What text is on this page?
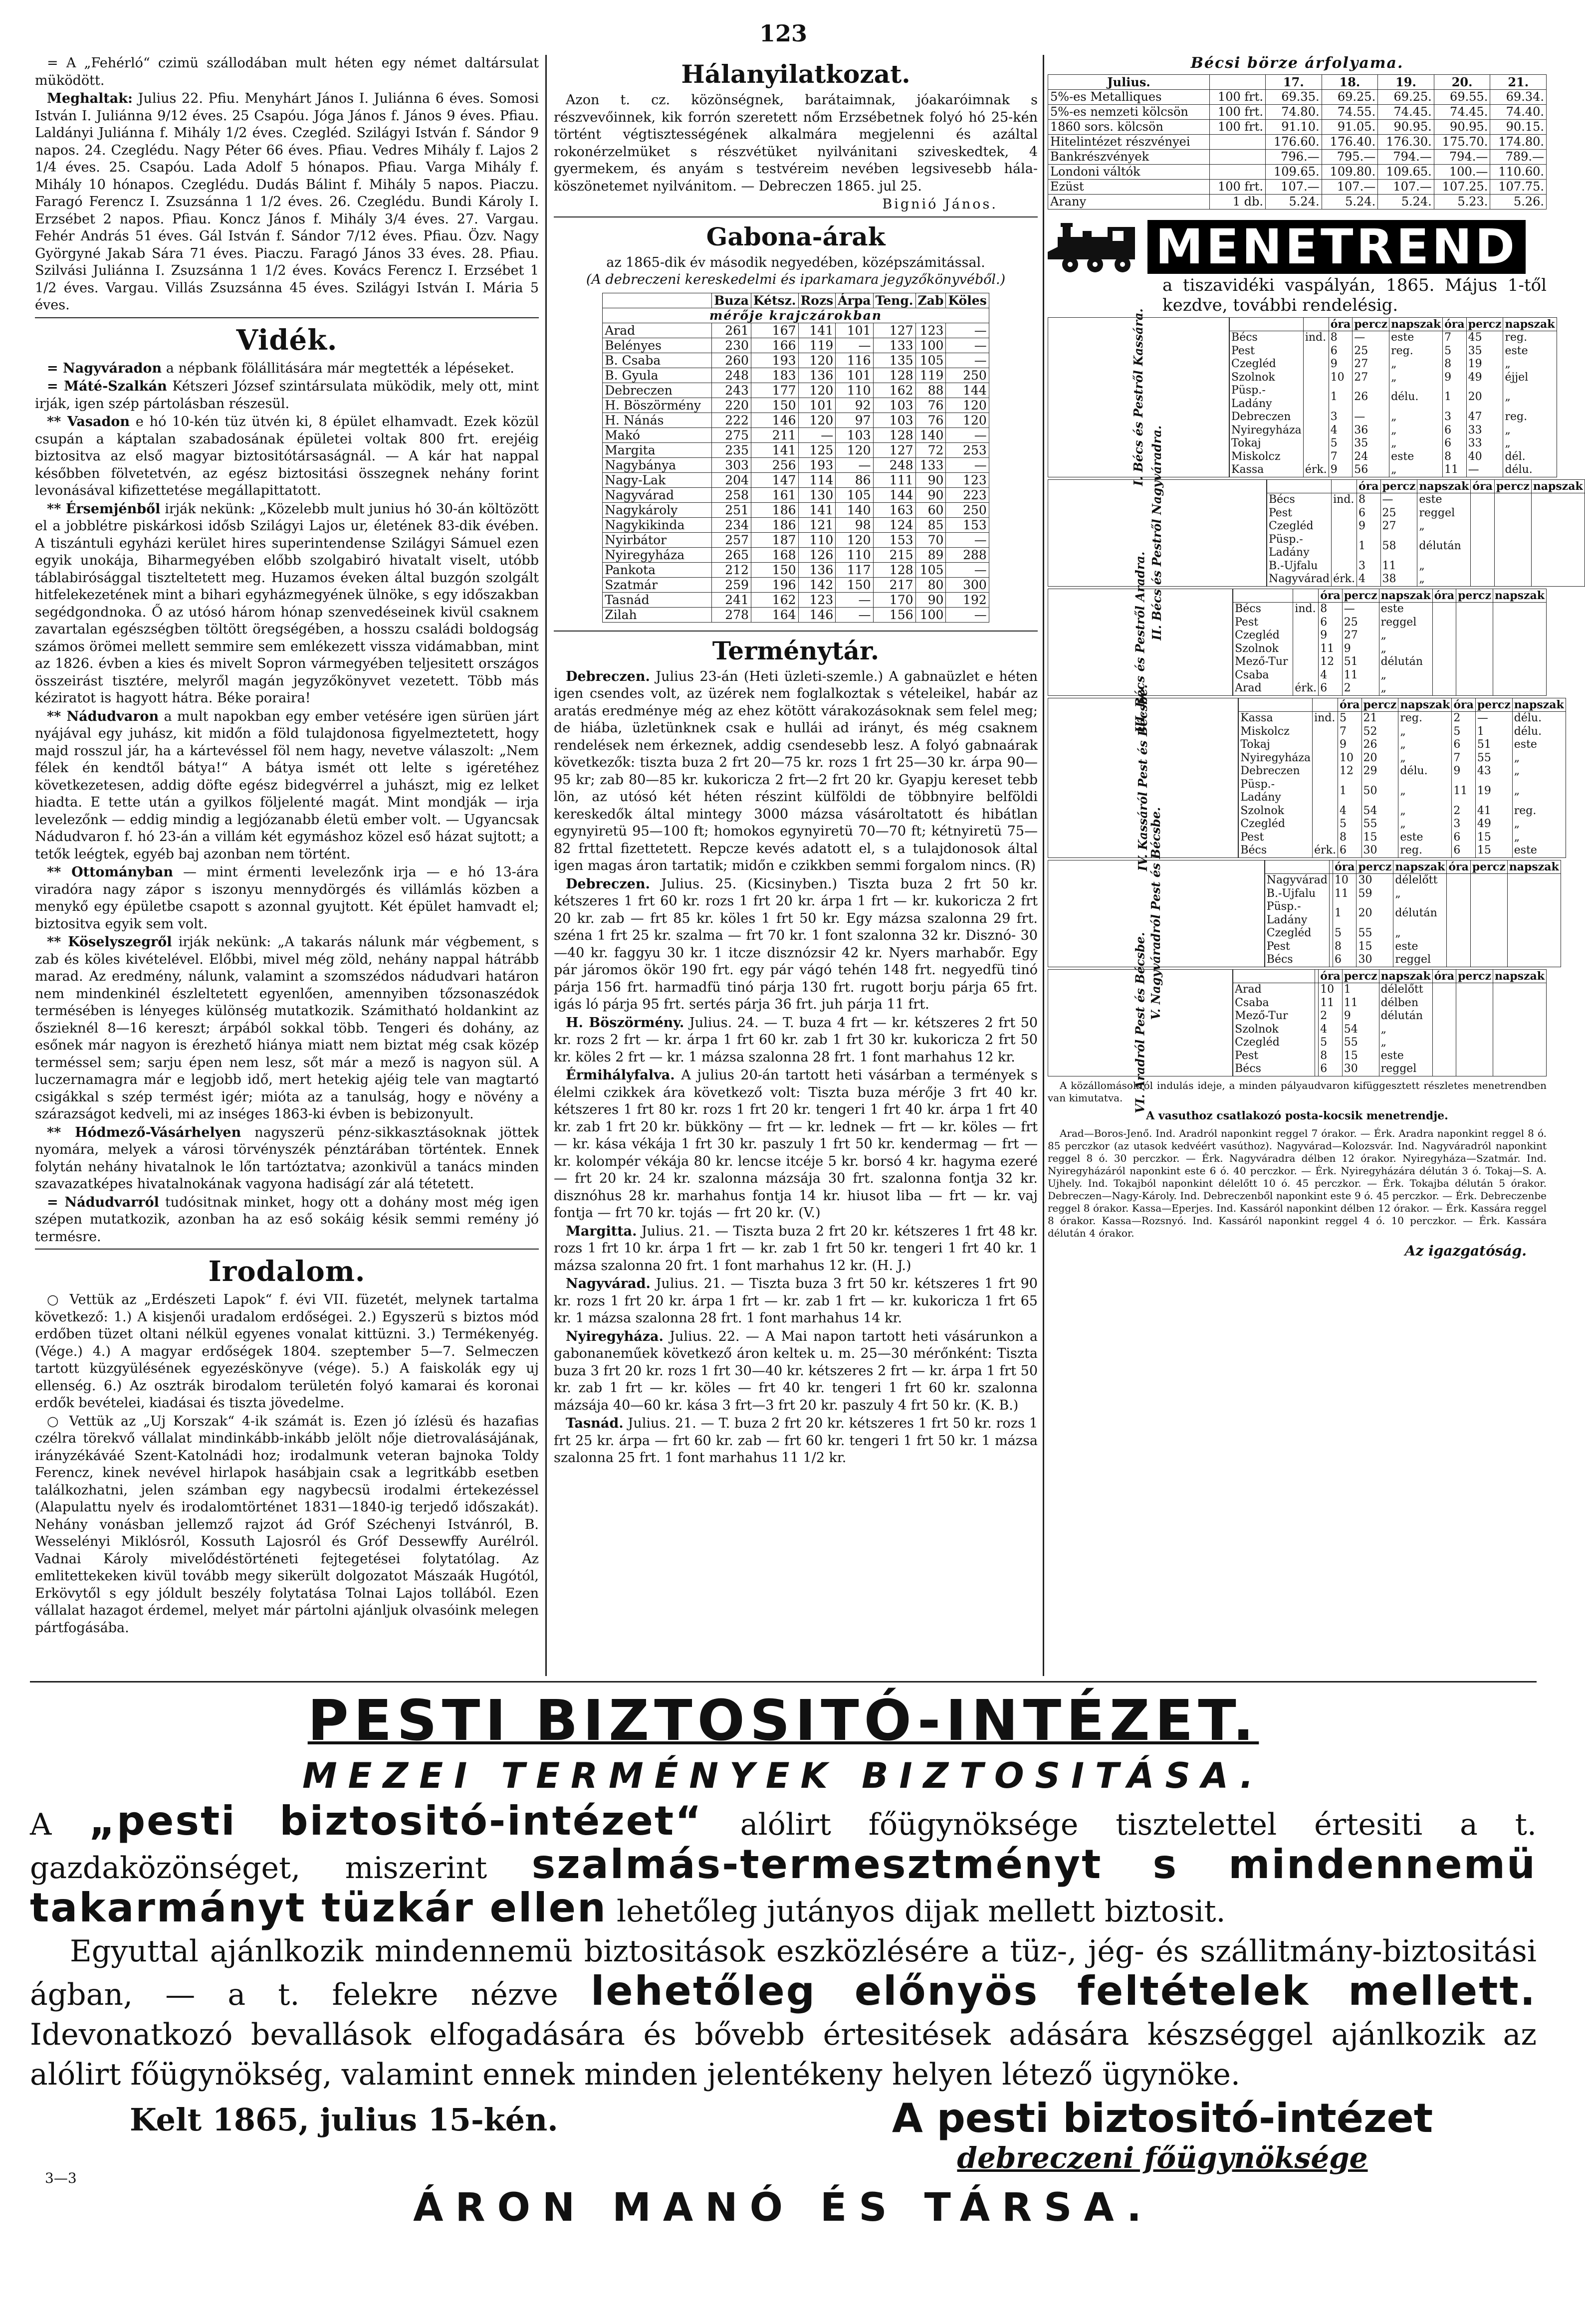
123

= A „Fehérló“ czimü szállodában mult héten egy német daltársulat müködött.

Meghaltak: Julius 22. Pfiu. Menyhárt János I. Juliánna 6 éves. Somosi István I. Juliánna 9/12 éves. 25 Csapóu. Jóga János f. János 9 éves. Pfiau. Laldányi Juliánna f. Mihály 1/2 éves. Czegléd. Szilágyi István f. Sándor 9 napos. 24. Czeglédu. Nagy Péter 66 éves. Pfiau. Vedres Mihály f. Lajos 2 1/4 éves. 25. Csapóu. Lada Adolf 5 hónapos. Pfiau. Varga Mihály f. Mihály 10 hónapos. Czeglédu. Dudás Bálint f. Mihály 5 napos. Piaczu. Faragó Ferencz I. Zsuzsánna 1 1/2 éves. 26. Czeglédu. Bundi Károly I. Erzsébet 2 napos. Pfiau. Koncz János f. Mihály 3/4 éves. 27. Vargau. Fehér András 51 éves. Gál István f. Sándor 7/12 éves. Pfiau. Özv. Nagy Györgyné Jakab Sára 71 éves. Piaczu. Faragó János 33 éves. 28. Pfiau. Szilvási Juliánna I. Zsuzsánna 1 1/2 éves. Kovács Ferencz I. Erzsébet 1 1/2 éves. Vargau. Villás Zsuzsánna 45 éves. Szilágyi István I. Mária 5 éves.

Vidék.

= Nagyváradon a népbank fölállitására már megtették a lépéseket.

= Máté-Szalkán Kétszeri József szintársulata müködik, mely ott, mint irják, igen szép pártolásban részesül.

** Vasadon e hó 10-kén tüz ütvén ki, 8 épület elhamvadt. Ezek közül csupán a káptalan szabadosának épületei voltak 800 frt. erejéig biztositva az első magyar biztositótársaságnál. — A kár hat nappal későbben fölvetetvén, az egész biztositási összegnek nehány forint levonásával kifizettetése megállapittatott.

** Érsemjénből irják nekünk: „Közelebb mult junius hó 30-án költözött el a jobblétre piskárkosi idősb Szilágyi Lajos ur, életének 83-dik évében. A tiszántuli egyházi kerület hires superintendense Szilágyi Sámuel ezen egyik unokája, Biharmegyében előbb szolgabiró hivatalt viselt, utóbb táblabirósággal tiszteltetett meg. Huzamos éveken által buzgón szolgált hitfelekezetének mint a bihari egyházmegyének ülnöke, s egy időszakban segédgondnoka. Ő az utósó három hónap szenvedéseinek kivül csaknem zavartalan egészségben töltött öregségében, a hosszu családi boldogság számos örömei mellett semmire sem emlékezett vissza vidámabban, mint az 1826. évben a kies és mivelt Sopron vármegyében teljesitett országos összeirást tisztére, melyről magán jegyzőkönyvet vezetett. Több más kéziratot is hagyott hátra. Béke poraira!

** Nádudvaron a mult napokban egy ember vetésére igen sürüen járt nyájával egy juhász, kit midőn a föld tulajdonosa figyelmeztetett, hogy majd rosszul jár, ha a kártevéssel föl nem hagy, nevetve válaszolt: „Nem félek én kendtől bátya!“ A bátya ismét ott lelte s igéretéhez következetesen, addig döfte egész bidegvérrel a juhászt, mig ez lelket hiadta. E tette után a gyilkos följelenté magát. Mint mondják — irja levelezőnk — eddig mindig a legjózanabb életü ember volt. — Ugyancsak Nádudvaron f. hó 23-án a villám két egymáshoz közel eső házat sujtott; a tetők leégtek, egyéb baj azonban nem történt.

** Ottományban — mint érmenti levelezőnk irja — e hó 13-ára viradóra nagy zápor s iszonyu mennydörgés és villámlás közben a menykő egy épületbe csapott s azonnal gyujtott. Két épület hamvadt el; biztositva egyik sem volt.

** Köselyszegről irják nekünk: „A takarás nálunk már végbement, s zab és köles kivételével. Előbbi, mivel még zöld, nehány nappal hátrább marad. Az eredmény, nálunk, valamint a szomszédos nádudvari határon nem mindenkinél észleltetett egyenlően, amennyiben tőzsonaszédok termésében is lényeges különség mutatkozik. Számitható holdankint az őszieknél 8—16 kereszt; árpából sokkal több. Tengeri és dohány, az esőnek már nagyon is érezhető hiánya miatt nem biztat még csak közép terméssel sem; sarju épen nem lesz, sőt már a mező is nagyon sül. A luczernamagra már e legjobb idő, mert hetekig ajéig tele van magtartó csigákkal s szép termést igér; mióta az a tanulság, hogy e növény a szárazságot kedveli, mi az inséges 1863-ki évben is bebizonyult.

** Hódmező-Vásárhelyen nagyszerü pénz-sikkasztásoknak jöttek nyomára, melyek a városi törvényszék pénztárában történtek. Ennek folytán nehány hivatalnok le lőn tartóztatva; azonkivül a tanács minden szavazatképes hivatalnokának vagyona hadiságí zár alá tétetett.

= Nádudvarról tudósitnak minket, hogy ott a dohány most még igen szépen mutatkozik, azonban ha az eső sokáig késik semmi remény jó termésre.

Irodalom.

○ Vettük az „Erdészeti Lapok“ f. évi VII. füzetét, melynek tartalma következő: 1.) A kisjenői uradalom erdőségei. 2.) Egyszerü s biztos mód erdőben tüzet oltani nélkül egyenes vonalat kittüzni. 3.) Termékenyég. (Vége.) 4.) A magyar erdőségek 1804. szeptember 5—7. Selmeczen tartott küzgyülésének egyezéskönyve (vége). 5.) A faiskolák egy uj ellenség. 6.) Az osztrák birodalom területén folyó kamarai és koronai erdők bevételei, kiadásai és tiszta jövedelme.

○ Vettük az „Uj Korszak“ 4-ik számát is. Ezen jó ízlésü és hazafias czélra törekvő vállalat mindinkább-inkább jelölt nője dietrovalásájának, irányzékáváé Szent-Katolnádi hoz; irodalmunk veteran bajnoka Toldy Ferencz, kinek nevével hirlapok hasábjain csak a legritkább esetben találkozhatni, jelen számban egy nagybecsü irodalmi értekezéssel (Alapulattu nyelv és irodalomtörténet 1831—1840-ig terjedő időszakát). Nehány vonásban jellemző rajzot ád Gróf Széchenyi Istvánról, B. Wesselényi Miklósról, Kossuth Lajosról és Gróf Dessewffy Aurélról. Vadnai Károly mivelődéstörténeti fejtegetései folytatólag. Az emlitettekeken kivül tovább megy sikerült dolgozatot Mászaák Hugótól, Erkövytől s egy jóldult beszély folytatása Tolnai Lajos tollából. Ezen vállalat hazagot érdemel, melyet már pártolni ajánljuk olvasóink melegen pártfogásába.

Hálanyilatkozat.

Azon t. cz. közönségnek, barátaimnak, jóakaróimnak s részvevőinnek, kik forrón szeretett nőm Erzsébetnek folyó hó 25-kén történt végtisztességének alkalmára megjelenni és azáltal rokonérzelmüket s részvétüket nyilvánitani sziveskedtek, 4 gyermekem, és anyám s testvéreim nevében legsivesebb hála-köszönetemet nyilvánitom. — Debreczen 1865. jul 25.

Bignió János.
Gabona-árak
az 1865-dik év második negyedében, középszámitással.
(A debreczeni kereskedelmi és iparkamara jegyzőkönyvéből.)
	Buza	Kétsz.	Rozs	Árpa	Teng.	Zab	Köles
mérője krajczárokban							
Arad	261	167	141	101	127	123	—
Belényes	230	166	119	—	133	100	—
B. Csaba	260	193	120	116	135	105	—
B. Gyula	248	183	136	101	128	119	250
Debreczen	243	177	120	110	162	88	144
H. Böszörmény	220	150	101	92	103	76	120
H. Nánás	222	146	120	97	103	76	120
Makó	275	211	—	103	128	140	—
Margita	235	141	125	120	127	72	253
Nagybánya	303	256	193	—	248	133	—
Nagy-Lak	204	147	114	86	111	90	123
Nagyvárad	258	161	130	105	144	90	223
Nagykároly	251	186	141	140	163	60	250
Nagykikinda	234	186	121	98	124	85	153
Nyirbátor	257	187	110	120	153	70	—
Nyiregyháza	265	168	126	110	215	89	288
Pankota	212	150	136	117	128	105	—
Szatmár	259	196	142	150	217	80	300
Tasnád	241	162	123	—	170	90	192
Zilah	278	164	146	—	156	100	—
Terménytár.

Debreczen. Julius 23-án (Heti üzleti-szemle.) A gabnaüzlet e héten igen csendes volt, az üzérek nem foglalkoztak s vételeikel, habár az aratás eredménye még az ehez kötött várakozásoknak sem felel meg; de hiába, üzletünknek csak e hullái ad irányt, és még csaknem rendelések nem érkeznek, addig csendesebb lesz. A folyó gabnaárak következők: tiszta buza 2 frt 20—75 kr. rozs 1 frt 25—30 kr. árpa 90—95 kr; zab 80—85 kr. kukoricza 2 frt—2 frt 20 kr. Gyapju kereset tebb lön, az utósó két héten részint külföldi de többnyire belföldi kereskedők által mintegy 3000 mázsa vásároltatott és hibátlan egynyiretü 95—100 ft; homokos egynyiretü 70—70 ft; kétnyiretü 75—82 frttal fizettetett. Repcze kevés adatott el, s a tulajdonosok által igen magas áron tartatik; midőn e czikkben semmi forgalom nincs. (R)

Debreczen. Julius. 25. (Kicsinyben.) Tiszta buza 2 frt 50 kr. kétszeres 1 frt 60 kr. rozs 1 frt 20 kr. árpa 1 frt — kr. kukoricza 2 frt 20 kr. zab — frt 85 kr. köles 1 frt 50 kr. Egy mázsa szalonna 29 frt. széna 1 frt 25 kr. szalma — frt 70 kr. 1 font szalonna 32 kr. Disznó- 30—40 kr. faggyu 30 kr. 1 itcze disznózsir 42 kr. Nyers marhabőr. Egy pár járomos ökör 190 frt. egy pár vágó tehén 148 frt. negyedfü tinó párja 156 frt. harmadfü tinó párja 130 frt. rugott borju párja 65 frt. igás ló párja 95 frt. sertés párja 36 frt. juh párja 11 frt.

H. Böszörmény. Julius. 24. — T. buza 4 frt — kr. kétszeres 2 frt 50 kr. rozs 2 frt — kr. árpa 1 frt 60 kr. zab 1 frt 30 kr. kukoricza 2 frt 50 kr. köles 2 frt — kr. 1 mázsa szalonna 28 frt. 1 font marhahus 12 kr.

Érmihályfalva. A julius 20-án tartott heti vásárban a termények s élelmi czikkek ára következő volt: Tiszta buza mérője 3 frt 40 kr. kétszeres 1 frt 80 kr. rozs 1 frt 20 kr. tengeri 1 frt 40 kr. árpa 1 frt 40 kr. zab 1 frt 20 kr. bükköny — frt — kr. lednek — frt — kr. köles — frt — kr. kása vékája 1 frt 30 kr. paszuly 1 frt 50 kr. kendermag — frt — kr. kolompér vékája 80 kr. lencse itcéje 5 kr. borsó 4 kr. hagyma ezeré — frt 20 kr. 24 kr. szalonna mázsája 30 frt. szalonna fontja 32 kr. disznóhus 28 kr. marhahus fontja 14 kr. hiusot liba — frt — kr. vaj fontja — frt 70 kr. tojás — frt 20 kr. (V.)

Margitta. Julius. 21. — Tiszta buza 2 frt 20 kr. kétszeres 1 frt 48 kr. rozs 1 frt 10 kr. árpa 1 frt — kr. zab 1 frt 50 kr. tengeri 1 frt 40 kr. 1 mázsa szalonna 20 frt. 1 font marhahus 12 kr. (H. J.)

Nagyvárad. Julius. 21. — Tiszta buza 3 frt 50 kr. kétszeres 1 frt 90 kr. rozs 1 frt 20 kr. árpa 1 frt — kr. zab 1 frt — kr. kukoricza 1 frt 65 kr. 1 mázsa szalonna 28 frt. 1 font marhahus 14 kr.

Nyiregyháza. Julius. 22. — A Mai napon tartott heti vásárunkon a gabonaneműek következő áron keltek u. m. 25—30 mérőnként: Tiszta buza 3 frt 20 kr. rozs 1 frt 30—40 kr. kétszeres 2 frt — kr. árpa 1 frt 50 kr. zab 1 frt — kr. köles — frt 40 kr. tengeri 1 frt 60 kr. szalonna mázsája 40—60 kr. kása 3 frt—3 frt 20 kr. paszuly 4 frt 50 kr. (K. B.)

Tasnád. Julius. 21. — T. buza 2 frt 20 kr. kétszeres 1 frt 50 kr. rozs 1 frt 25 kr. árpa — frt 60 kr. zab — frt 60 kr. tengeri 1 frt 50 kr. 1 mázsa szalonna 25 frt. 1 font marhahus 11 1/2 kr.

Bécsi börze árfolyama.
Julius.		17.	18.	19.	20.	21.
5%-es Metalliques	100 frt.	69.35.	69.25.	69.25.	69.55.	69.34.
5%-es nemzeti kölcsön	100 frt.	74.80.	74.55.	74.45.	74.45.	74.40.
1860 sors. kölcsön	100 frt.	91.10.	91.05.	90.95.	90.95.	90.15.
Hitelintézet részvényei		176.60.	176.40.	176.30.	175.70.	174.80.
Bankrészvények		796.—	795.—	794.—	794.—	789.—
Londoni váltók		109.65.	109.80.	109.65.	100.—	110.60.
Ezüst	100 frt.	107.—	107.—	107.—	107.25.	107.75.
Arany	1 db.	5.24.	5.24.	5.24.	5.23.	5.26.
MENETREND
a tiszavidéki vaspályán, 1865. Május 1-től kezdve, további rendelésig.
I. Bécs és Pestről Kassára.			óra	percz	napszak	óra	percz	napszak
	Bécs	ind.	8	—	este	7	45	reg.
	Pest		6	25	reg.	5	35	este
	Czegléd		9	27	„	8	19	„
	Szolnok		10	27	„	9	49	éjjel
	Püsp.-Ladány		1	26	délu.	1	20	„
	Debreczen		3	—	„	3	47	reg.
	Nyiregyháza		4	36	„	6	33	„
	Tokaj		5	35	„	6	33	„
	Miskolcz		7	24	este	8	40	dél.
	Kassa	érk.	9	56	„	11	—	délu.
II. Bécs és Pestről Nagyváradra.			óra	percz	napszak	óra	percz	napszak
	Bécs	ind.	8	—	este			
	Pest		6	25	reggel			
	Czegléd		9	27	„			
	Püsp.-Ladány		1	58	délután			
	B.-Ujfalu		3	11	„			
	Nagyvárad	érk.	4	38	„			
III. Bécs és Pestről Aradra.			óra	percz	napszak	óra	percz	napszak
	Bécs	ind.	8	—	este			
	Pest		6	25	reggel			
	Czegléd		9	27	„			
	Szolnok		11	9	„			
	Mező-Tur		12	51	délután			
	Csaba		4	11	„			
	Arad	érk.	6	2	„			
IV. Kassáról Pest és Bécsbe.			óra	percz	napszak	óra	percz	napszak
	Kassa	ind.	5	21	reg.	2	—	délu.
	Miskolcz		7	52	„	5	1	délu.
	Tokaj		9	26	„	6	51	este
	Nyiregyháza		10	20	„	7	55	„
	Debreczen		12	29	délu.	9	43	„
	Püsp.-Ladány		1	50	„	11	19	„
	Szolnok		4	54	„	2	41	reg.
	Czegléd		5	55	„	3	49	„
	Pest		8	15	este	6	15	„
	Bécs	érk.	6	30	reg.	6	15	este
V. Nagyváradról Pest és Bécsbe.			óra	percz	napszak	óra	percz	napszak
	Nagyvárad		10	30	délelőtt			
	B.-Ujfalu		11	59	„			
	Püsp.-Ladány		1	20	délután			
	Czegléd		5	55	„			
	Pest		8	15	este			
	Bécs		6	30	reggel			
VI. Aradról Pest és Bécsbe.			óra	percz	napszak	óra	percz	napszak
	Arad		10	1	délelőtt			
	Csaba		11	11	délben			
	Mező-Tur		2	9	délután			
	Szolnok		4	54	„			
	Czegléd		5	55	„			
	Pest		8	15	este			
	Bécs		6	30	reggel			

A közállomásokról indulás ideje, a minden pályaudvaron kifüggesztett részletes menetrendben van kimutatva.

A vasuthoz csatlakozó posta-kocsik menetrendje.

Arad—Boros-Jenő. Ind. Aradról naponkint reggel 7 órakor. — Érk. Aradra naponkint reggel 8 ó. 85 perczkor (az utasok kedvéért vasúthoz). Nagyvárad—Kolozsvár. Ind. Nagyváradról naponkint reggel 8 ó. 30 perczkor. — Érk. Nagyváradra délben 12 órakor. Nyiregyháza—Szatmár. Ind. Nyiregyházáról naponkint este 6 ó. 40 perczkor. — Érk. Nyiregyházára délután 3 ó. Tokaj—S. A. Ujhely. Ind. Tokajból naponkint délelőtt 10 ó. 45 perczkor. — Érk. Tokajba délután 5 órakor. Debreczen—Nagy-Károly. Ind. Debreczenből naponkint este 9 ó. 45 perczkor. — Érk. Debreczenbe reggel 8 órakor. Kassa—Eperjes. Ind. Kassáról naponkint délben 12 órakor. — Érk. Kassára reggel 8 órakor. Kassa—Rozsnyó. Ind. Kassáról naponkint reggel 4 ó. 10 perczkor. — Érk. Kassára délután 4 órakor.

Az igazgatóság.
PESTI BIZTOSITÓ-INTÉZET.
MEZEI TERMÉNYEK BIZTOSITÁSA.
A „pesti biztositó-intézet“ alólirt főügynöksége tisztelettel értesiti a t. gazdaközönséget, miszerint szalmás-termesztményt s mindennemü takarmányt tüzkár ellen lehetőleg jutányos dijak mellett biztosit.
Egyuttal ajánlkozik mindennemü biztositások eszközlésére a tüz-, jég- és szállitmány-biztositási ágban, — a t. felekre nézve lehetőleg előnyös feltételek mellett. Idevonatkozó bevallások elfogadására és bővebb értesitések adására készséggel ajánlkozik az alólirt főügynökség, valamint ennek minden jelentékeny helyen létező ügynöke.
Kelt 1865, julius 15-kén.	A pesti biztositó-intézet
debreczeni főügynöksége
ÁRON MANÓ ÉS TÁRSA.
3—3
